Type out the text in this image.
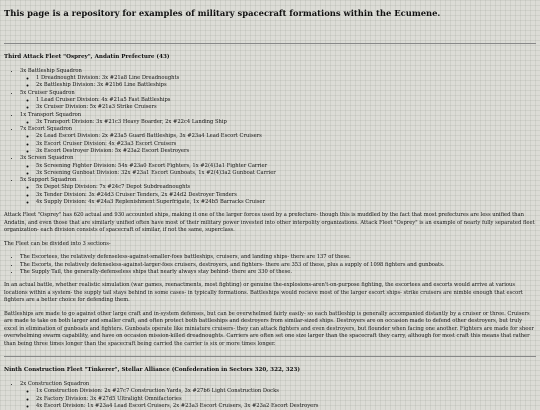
This page is a repository for examples of military spacecraft formations within the Ecumene.

Third Attack Fleet "Osprey", Andatin Prefecture (43)
• 3x Battleship Squadron
◦ 1 Dreadnought Division: 3x #21a8 Line Dreadnoughts
◦ 2x Battleship Division: 3x #21b6 Line Battleships
• 5x Cruiser Squadron
◦ 1 Lead Cruiser Division: 4x #21a5 Fast Battleships
◦ 3x Cruiser Division: 5x #21a3 Strike Cruisers
• 1x Transport Squadron
◦ 3x Transport Division: 3x #21c3 Heavy Boarder, 2x #22c4 Landing Ship
• 7x Escort Squadron
◦ 2x Lead Escort Division: 2x #23a5 Guard Battleships, 3x #23a4 Lead Escort Cruisers
◦ 3x Escort Cruiser Division: 4x #23a3 Escort Cruisers
◦ 3x Escort Destroyer Division: 5x #23a2 Escort Destroyers
• 3x Screen Squadron
◦ 5x Screening Fighter Division: 54x #23a0 Escort Fighters, 1x #2(4)3a1 Fighter Carrier
◦ 3x Screening Gunboat Division: 32x #23a1 Escort Gunboats, 1x #2(4)3a2 Gunboat Carrier
• 5x Support Squadron
◦ 5x Depot Ship Division: 7x #24c7 Depot Subdreadnoughts
◦ 3x Tender Division: 3x #24d3 Cruiser Tenders, 2x #24d2 Destroyer Tenders
◦ 4x Supply Division: 4x #24a3 Replenishment Superfrigate, 1x #24b5 Barracks Cruiser

Attack Fleet "Osprey" has 620 actual and 930 accounted ships, making it one of the larger forces used by a prefecture- though this is muddled by the fact that most prefectures are less unified than Andatin, and even those that are similarly unified often have most of their military power invested into other interpolity organizations. Attack Fleet "Osprey" is an example of nearly fully separated fleet organization- each division consists of spacecraft of similar, if not the same, superclass.

The Fleet can be divided into 3 sections-

• The Escortees, the relatively defenseless-against-smaller-foes battleships, cruisers, and landing ships- there are 137 of these.
• The Escorts, the relatively defenseless-against-larger-foes cruisers, destroyers, and fighters- there are 353 of these, plus a supply of 1098 fighters and gunboats.
• The Supply Tail, the generally-defenseless ships that nearly always stay behind- there are 330 of these.

In an actual battle, whether realistic simulation (war games, reenactments, most fighting) or genuine the-explosions-aren't-on-purpose fighting, the escortees and escorts would arrive at various locations within a system- the supply tail stays behind in some cases- in typically formations. Battleships would recieve most of the larger escort ships- strike cruisers are nimble enough that escort fighters are a better choice for defending them.

Battleships are made to go against other large craft and in-system defenses, but can be overwhelmed fairly easily- so each battleship is generally accompanied distantly by a cruiser or three. Cruisers are made to take on both larger and smaller craft, and often protect both battleships and destroyers from similar-sized ships. Destroyers are on occasion made to defend other destroyers, but truly excel in elimination of gunboats and fighters. Gunboats operate like miniature cruisers- they can attack fighters and even destroyers, but flounder when facing one another. Fighters are made for sheer overwhelming swarm capability, and have on occasion mission-killed dreadnoughts. Carriers are often set one size larger than the spacecraft they carry, although for most craft this means that rather than being three times longer than the spacecraft being carried the carrier is six or more times longer.

Ninth Construction Fleet "Tinkerer", Stellar Alliance (Confederation in Sectors 320, 322, 323)
• 2x Construction Squadron
◦ 1x Construction Division: 2x #27c7 Construction Yards, 3x #27b6 Light Construction Docks
◦ 2x Factory Division: 3x #27d5 Ultralight Omnifactories
◦ 4x Escort Division: 1x #23a4 Lead Escort Cruisers, 2x #23a3 Escort Cruisers, 3x #23a2 Escort Destroyers
